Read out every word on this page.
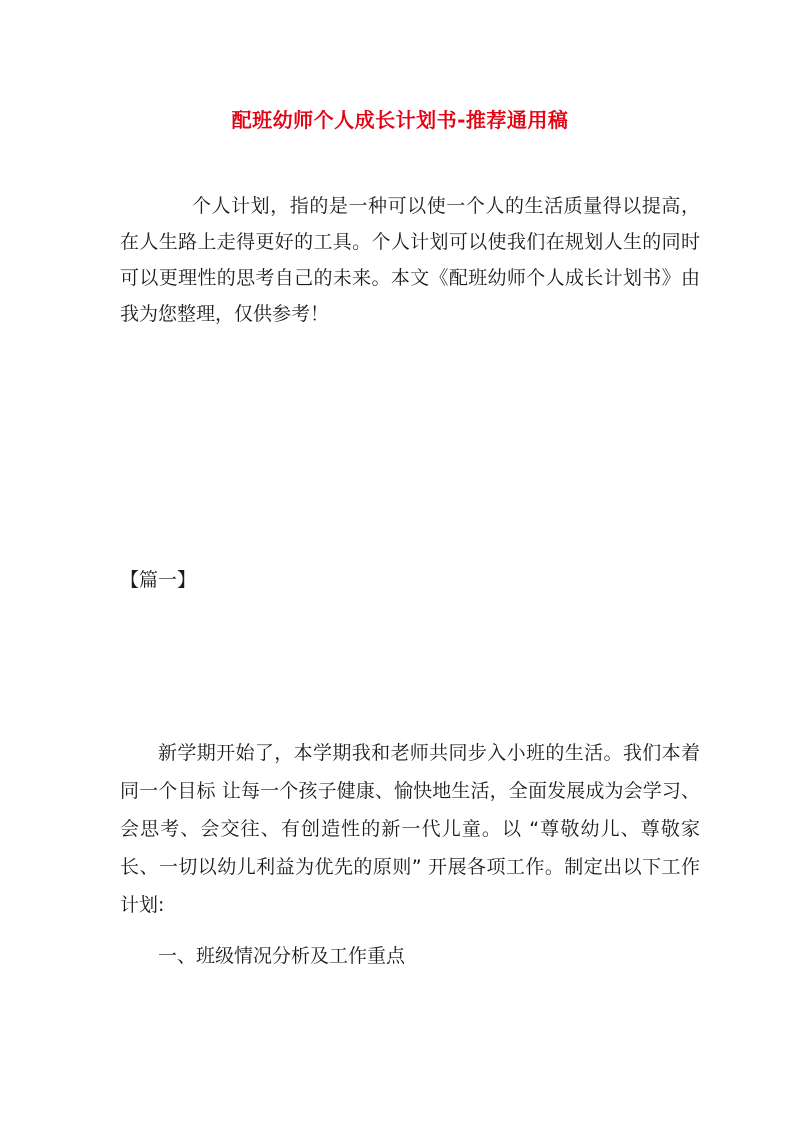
配班幼师个人成长计划书-推荐通用稿

个人计划，指的是一种可以使一个人的生活质量得以提高，在人生路上走得更好的工具。个人计划可以使我们在规划人生的同时可以更理性的思考自己的未来。本文《配班幼师个人成长计划书》由我为您整理，仅供参考！

【篇一】

新学期开始了，本学期我和老师共同步入小班的生活。我们本着同一个目标 让每一个孩子健康、愉快地生活，全面发展成为会学习、会思考、会交往、有创造性的新一代儿童。以 “尊敬幼儿、尊敬家长、一切以幼儿利益为优先的原则” 开展各项工作。制定出以下工作计划:

一、班级情况分析及工作重点
